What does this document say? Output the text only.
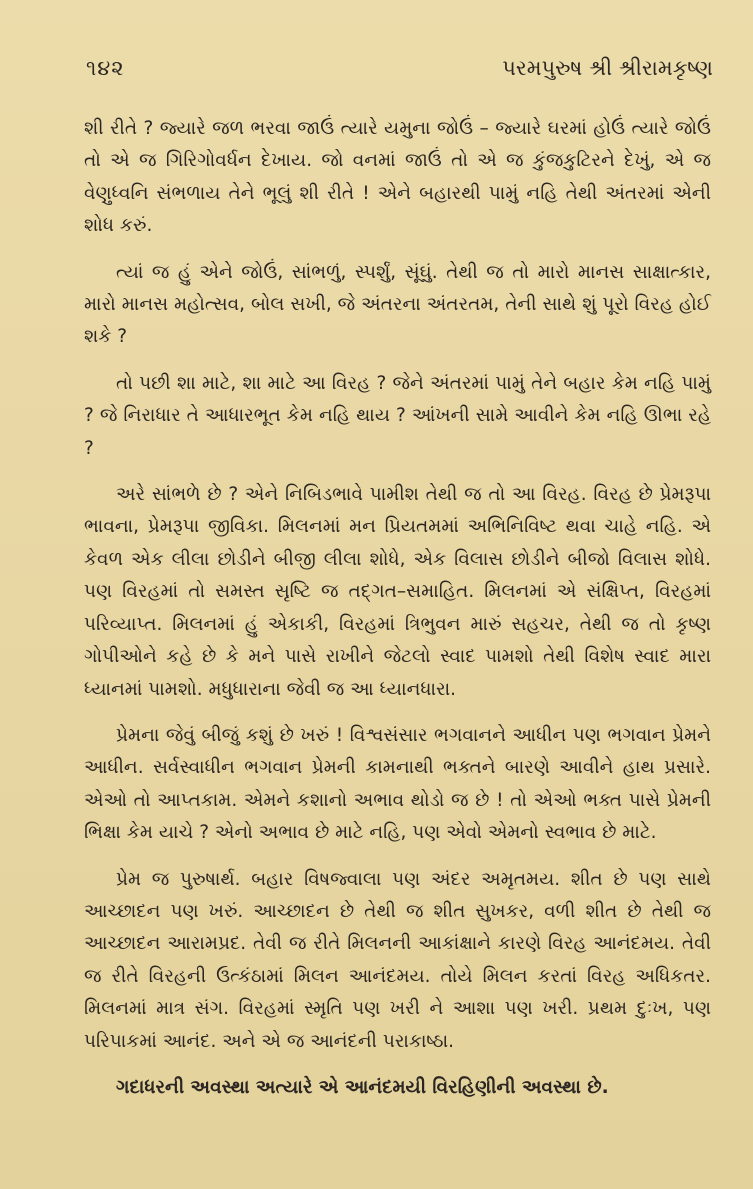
૧૪૨	પરમપુરુષ શ્રી શ્રીરામકૃષ્ણ

શી રીતે ? જ્યારે જળ ભરવા જાઉં ત્યારે યમુના જોઉં – જ્યારે ઘરમાં હોઉં ત્યારે જોઉં તો એ જ ગિરિગોવર્ધન દેખાય. જો વનમાં જાઉં તો એ જ કુંજકુટિરને દેખું, એ જ વેણુધ્વનિ સંભળાય તેને ભૂલું શી રીતે ! એને બહારથી પામું નહિ તેથી અંતરમાં એની શોધ કરું.

ત્યાં જ હું એને જોઉં, સાંભળું, સ્પર્શું, સૂંઘું. તેથી જ તો મારો માનસ સાક્ષાત્કાર, મારો માનસ મહોત્સવ, બોલ સખી, જે અંતરના અંતરતમ, તેની સાથે શું પૂરો વિરહ હોઈ શકે ?

તો પછી શા માટે, શા માટે આ વિરહ ? જેને અંતરમાં પામું તેને બહાર કેમ નહિ પામું ? જે નિરાધાર તે આધારભૂત કેમ નહિ થાય ? આંખની સામે આવીને કેમ નહિ ઊભા રહે ?

અરે સાંભળે છે ? એને નિબિડભાવે પામીશ તેથી જ તો આ વિરહ. વિરહ છે પ્રેમરૂપા ભાવના, પ્રેમરૂપા જીવિકા. મિલનમાં મન પ્રિયતમમાં અભિનિવિષ્ટ થવા ચાહે નહિ. એ કેવળ એક લીલા છોડીને બીજી લીલા શોધે, એક વિલાસ છોડીને બીજો વિલાસ શોધે. પણ વિરહમાં તો સમસ્ત સૃષ્ટિ જ તદ્ગત–સમાહિત. મિલનમાં એ સંક્ષિપ્ત, વિરહમાં પરિવ્યાપ્ત. મિલનમાં હું એકાકી, વિરહમાં ત્રિભુવન મારું સહચર, તેથી જ તો કૃષ્ણ ગોપીઓને કહે છે કે મને પાસે રાખીને જેટલો સ્વાદ પામશો તેથી વિશેષ સ્વાદ મારા ધ્યાનમાં પામશો. મધુધારાના જેવી જ આ ધ્યાનધારા.

પ્રેમના જેવું બીજું કશું છે ખરું ! વિશ્વસંસાર ભગવાનને આધીન પણ ભગવાન પ્રેમને આધીન. સર્વસ્વાધીન ભગવાન પ્રેમની કામનાથી ભક્તને બારણે આવીને હાથ પ્રસારે. એઓ તો આપ્તકામ. એમને કશાનો અભાવ થોડો જ છે ! તો એઓ ભક્ત પાસે પ્રેમની ભિક્ષા કેમ યાચે ? એનો અભાવ છે માટે નહિ, પણ એવો એમનો સ્વભાવ છે માટે.

પ્રેમ જ પુરુષાર્થ. બહાર વિષજ્વાલા પણ અંદર અમૃતમય. શીત છે પણ સાથે આચ્છાદન પણ ખરું. આચ્છાદન છે તેથી જ શીત સુખકર, વળી શીત છે તેથી જ આચ્છાદન આરામપ્રદ. તેવી જ રીતે મિલનની આકાંક્ષાને કારણે વિરહ આનંદમય. તેવી જ રીતે વિરહની ઉત્કંઠામાં મિલન આનંદમય. તોયે મિલન કરતાં વિરહ અધિકતર. મિલનમાં માત્ર સંગ. વિરહમાં સ્મૃતિ પણ ખરી ને આશા પણ ખરી. પ્રથમ દુઃખ, પણ પરિપાકમાં આનંદ. અને એ જ આનંદની પરાકાષ્ઠા.

ગદાધરની અવસ્થા અત્યારે એ આનંદમયી વિરહિણીની અવસ્થા છે.
